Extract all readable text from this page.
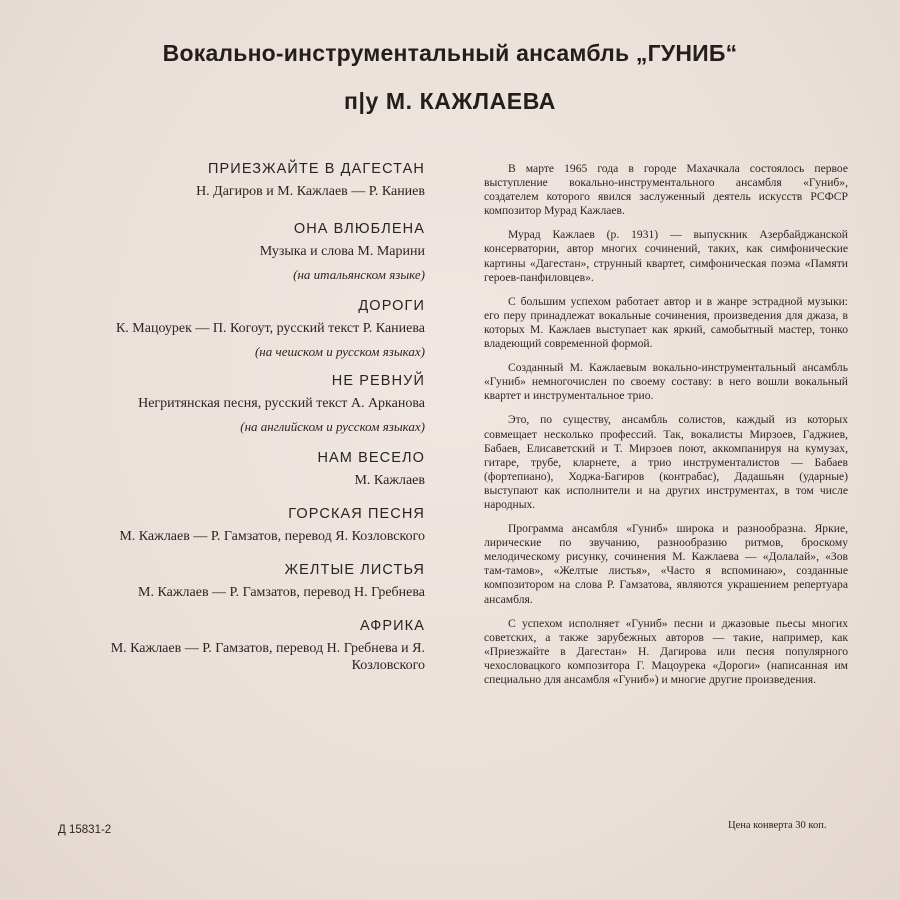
Вокально-инструментальный ансамбль „ГУНИБ“
п|у М. КАЖЛАЕВА
ПРИЕЗЖАЙТЕ В ДАГЕСТАН
Н. Дагиров и М. Кажлаев — Р. Каниев
ОНА ВЛЮБЛЕНА
Музыка и слова М. Марини
(на итальянском языке)
ДОРОГИ
К. Мацоурек — П. Когоут, русский текст Р. Каниева
(на чешском и русском языках)
НЕ РЕВНУЙ
Негритянская песня, русский текст А. Арканова
(на английском и русском языках)
НАМ ВЕСЕЛО
М. Кажлаев
ГОРСКАЯ ПЕСНЯ
М. Кажлаев — Р. Гамзатов, перевод Я. Козловского
ЖЕЛТЫЕ ЛИСТЬЯ
М. Кажлаев — Р. Гамзатов, перевод Н. Гребнева
АФРИКА
М. Кажлаев — Р. Гамзатов, перевод Н. Гребнева и Я. Козловского

В марте 1965 года в городе Махачкала состоялось первое выступление вокально-инструментального ансамбля «Гуниб», создателем которого явился заслуженный деятель искусств РСФСР композитор Мурад Кажлаев.

Мурад Кажлаев (р. 1931) — выпускник Азербайджанской консерватории, автор многих сочинений, таких, как симфонические картины «Дагестан», струнный квартет, симфоническая поэма «Памяти героев-панфиловцев».

С большим успехом работает автор и в жанре эстрадной музыки: его перу принадлежат вокальные сочинения, произведения для джаза, в которых М. Кажлаев выступает как яркий, самобытный мастер, тонко владеющий современной формой.

Созданный М. Кажлаевым вокально-инструментальный ансамбль «Гуниб» немногочислен по своему составу: в него вошли вокальный квартет и инструментальное трио.

Это, по существу, ансамбль солистов, каждый из которых совмещает несколько профессий. Так, вокалисты Мирзоев, Гаджиев, Бабаев, Елисаветский и Т. Мирзоев поют, аккомпанируя на кумузах, гитаре, трубе, кларнете, а трио инструменталистов — Бабаев (фортепиано), Ходжа-Багиров (контрабас), Дадашьян (ударные) выступают как исполнители и на других инструментах, в том числе народных.

Программа ансамбля «Гуниб» широка и разнообразна. Яркие, лирические по звучанию, разнообразию ритмов, броскому мелодическому рисунку, сочинения М. Кажлаева — «Долалай», «Зов там-тамов», «Желтые листья», «Часто я вспоминаю», созданные композитором на слова Р. Гамзатова, являются украшением репертуара ансамбля.

С успехом исполняет «Гуниб» песни и джазовые пьесы многих советских, а также зарубежных авторов — такие, например, как «Приезжайте в Дагестан» Н. Дагирова или песня популярного чехословацкого композитора Г. Мацоурека «Дороги» (написанная им специально для ансамбля «Гуниб») и многие другие произведения.

Д 15831-2	Цена конверта 30 коп.
